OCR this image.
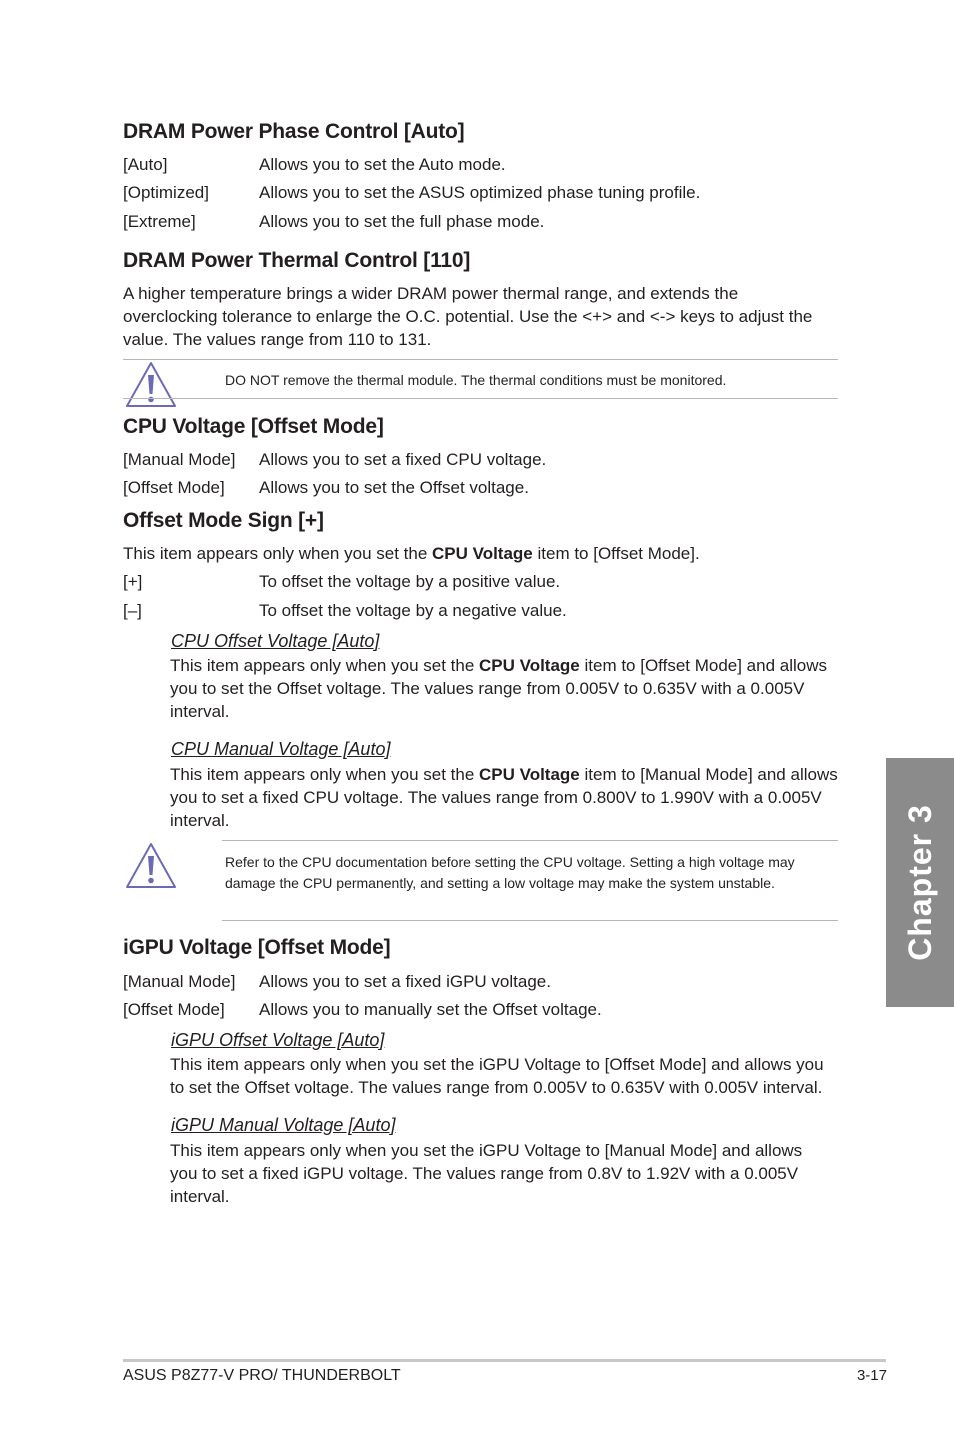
DRAM Power Phase Control [Auto]
[Auto]	Allows you to set the Auto mode.
[Optimized]	Allows you to set the ASUS optimized phase tuning profile.
[Extreme]	Allows you to set the full phase mode.
DRAM Power Thermal Control [110]
A higher temperature brings a wider DRAM power thermal range, and extends the overclocking tolerance to enlarge the O.C. potential. Use the <+> and <-> keys to adjust the value. The values range from 110 to 131.
DO NOT remove the thermal module. The thermal conditions must be monitored.
CPU Voltage [Offset Mode]
[Manual Mode] Allows you to set a fixed CPU voltage.
[Offset Mode] Allows you to set the Offset voltage.
Offset Mode Sign [+]
This item appears only when you set the CPU Voltage item to [Offset Mode].
[+]	To offset the voltage by a positive value.
[–]	To offset the voltage by a negative value.
CPU Offset Voltage [Auto]
This item appears only when you set the CPU Voltage item to [Offset Mode] and allows you to set the Offset voltage. The values range from 0.005V to 0.635V with a 0.005V interval.
CPU Manual Voltage [Auto]
This item appears only when you set the CPU Voltage item to [Manual Mode] and allows you to set a fixed CPU voltage. The values range from 0.800V to 1.990V with a 0.005V interval.
Refer to the CPU documentation before setting the CPU voltage. Setting a high voltage may damage the CPU permanently, and setting a low voltage may make the system unstable.
iGPU Voltage [Offset Mode]
[Manual Mode] Allows you to set a fixed iGPU voltage.
[Offset Mode] Allows you to manually set the Offset voltage.
iGPU Offset Voltage [Auto]
This item appears only when you set the iGPU Voltage to [Offset Mode] and allows you to set the Offset voltage. The values range from 0.005V to 0.635V with 0.005V interval.
iGPU Manual Voltage [Auto]
This item appears only when you set the iGPU Voltage to [Manual Mode] and allows you to set a fixed iGPU voltage. The values range from 0.8V to 1.92V with a 0.005V interval.
Chapter 3
ASUS P8Z77-V PRO/ THUNDERBOLT	3-17
